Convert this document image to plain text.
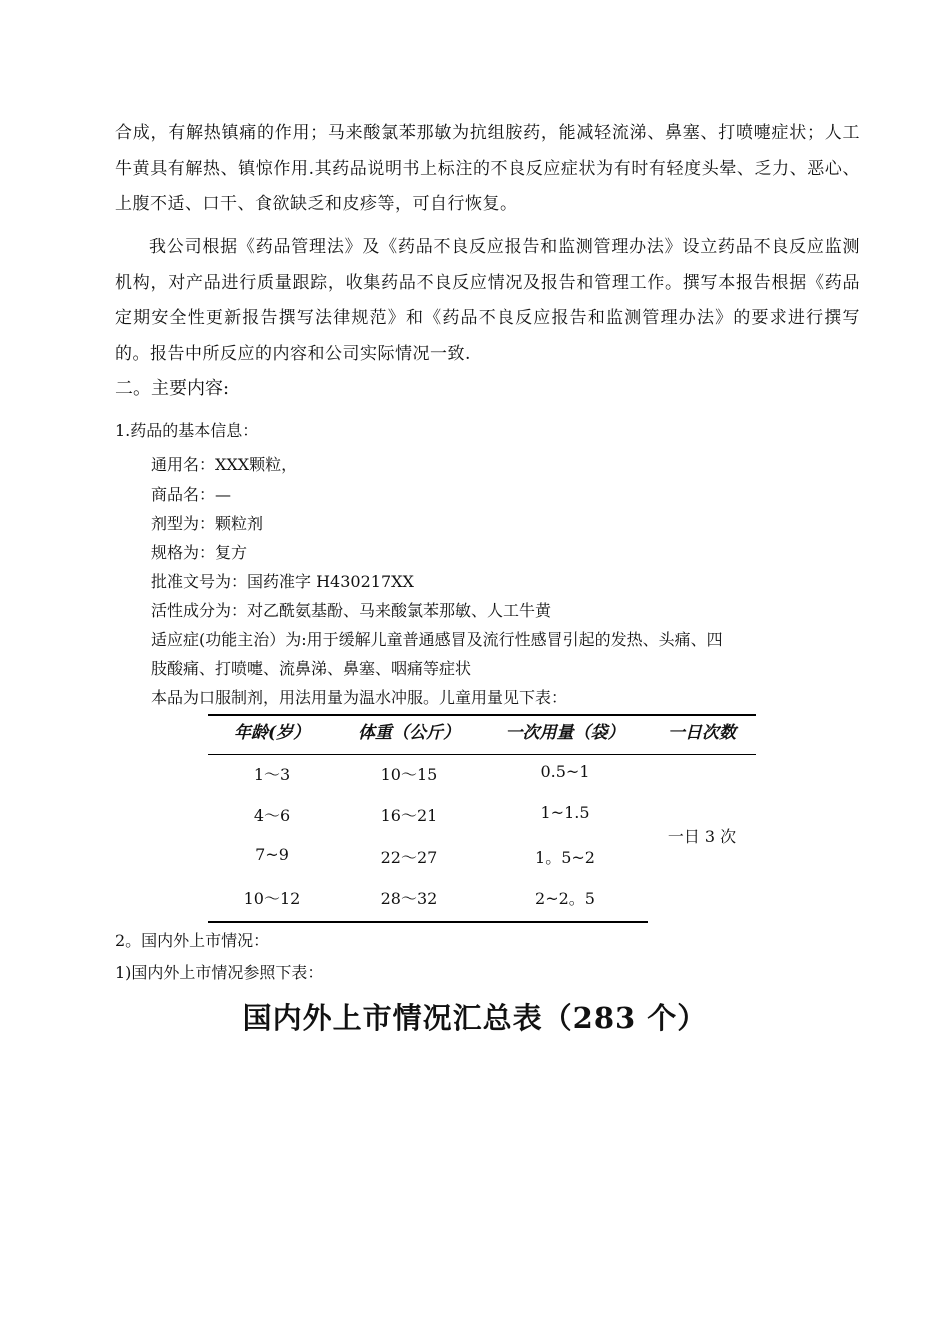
合成，有解热镇痛的作用；马来酸氯苯那敏为抗组胺药，能减轻流涕、鼻塞、打喷嚏症状；人工牛黄具有解热、镇惊作用.其药品说明书上标注的不良反应症状为有时有轻度头晕、乏力、恶心、上腹不适、口干、食欲缺乏和皮疹等，可自行恢复。

我公司根据《药品管理法》及《药品不良反应报告和监测管理办法》设立药品不良反应监测机构，对产品进行质量跟踪，收集药品不良反应情况及报告和管理工作。撰写本报告根据《药品定期安全性更新报告撰写法律规范》和《药品不良反应报告和监测管理办法》的要求进行撰写的。报告中所反应的内容和公司实际情况一致.

二。主要内容:

1.药品的基本信息：

通用名：XXX颗粒，

商品名：—

剂型为：颗粒剂

规格为：复方

批准文号为：国药准字 H430217XX

活性成分为：对乙酰氨基酚、马来酸氯苯那敏、人工牛黄

适应症(功能主治）为:用于缓解儿童普通感冒及流行性感冒引起的发热、头痛、四

肢酸痛、打喷嚏、流鼻涕、鼻塞、咽痛等症状

本品为口服制剂，用法用量为温水冲服。儿童用量见下表：

年龄(岁）	体重（公斤）	一次用量（袋）	一日次数
1～3	10～15	0.5~1
4～6	16～21	1~1.5
7~9	22～27	1。5~2
10～12	28～32	2~2。5
一日 3 次

2。国内外上市情况：

1)国内外上市情况参照下表：

国内外上市情况汇总表（283 个）
